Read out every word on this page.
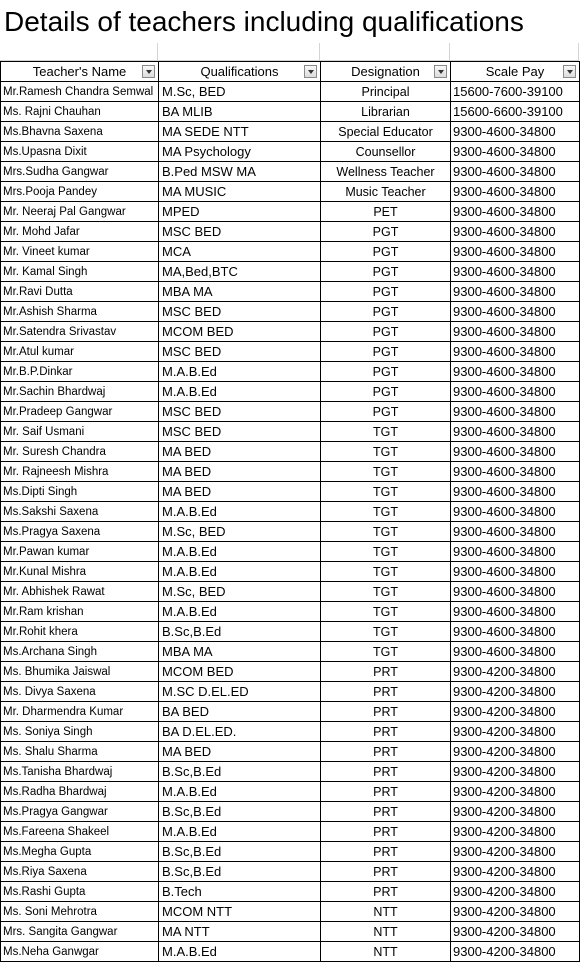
Details of teachers including qualifications
Teacher's Name	Qualifications	Designation	Scale Pay

Mr.Ramesh Chandra Semwal	M.Sc, BED	Principal	15600-7600-39100
Ms. Rajni Chauhan	BA MLIB	Librarian	15600-6600-39100
Ms.Bhavna Saxena	MA SEDE NTT	Special Educator	9300-4600-34800
Ms.Upasna Dixit	MA Psychology	Counsellor	9300-4600-34800
Mrs.Sudha Gangwar	B.Ped MSW MA	Wellness Teacher	9300-4600-34800
Mrs.Pooja Pandey	MA MUSIC	Music Teacher	9300-4600-34800
Mr. Neeraj Pal Gangwar	MPED	PET	9300-4600-34800
Mr. Mohd Jafar	MSC BED	PGT	9300-4600-34800
Mr. Vineet kumar	MCA	PGT	9300-4600-34800
Mr. Kamal Singh	MA,Bed,BTC	PGT	9300-4600-34800
Mr.Ravi Dutta	MBA MA	PGT	9300-4600-34800
Mr.Ashish Sharma	MSC BED	PGT	9300-4600-34800
Mr.Satendra Srivastav	MCOM BED	PGT	9300-4600-34800
Mr.Atul kumar	MSC BED	PGT	9300-4600-34800
Mr.B.P.Dinkar	M.A.B.Ed	PGT	9300-4600-34800
Mr.Sachin Bhardwaj	M.A.B.Ed	PGT	9300-4600-34800
Mr.Pradeep Gangwar	MSC BED	PGT	9300-4600-34800
Mr. Saif Usmani	MSC BED	TGT	9300-4600-34800
Mr. Suresh Chandra	MA BED	TGT	9300-4600-34800
Mr. Rajneesh Mishra	MA BED	TGT	9300-4600-34800
Ms.Dipti Singh	MA BED	TGT	9300-4600-34800
Ms.Sakshi Saxena	M.A.B.Ed	TGT	9300-4600-34800
Ms.Pragya Saxena	M.Sc, BED	TGT	9300-4600-34800
Mr.Pawan kumar	M.A.B.Ed	TGT	9300-4600-34800
Mr.Kunal Mishra	M.A.B.Ed	TGT	9300-4600-34800
Mr. Abhishek Rawat	M.Sc, BED	TGT	9300-4600-34800
Mr.Ram krishan	M.A.B.Ed	TGT	9300-4600-34800
Mr.Rohit khera	B.Sc,B.Ed	TGT	9300-4600-34800
Ms.Archana Singh	MBA MA	TGT	9300-4600-34800
Ms. Bhumika Jaiswal	MCOM BED	PRT	9300-4200-34800
Ms. Divya Saxena	M.SC D.EL.ED	PRT	9300-4200-34800
Mr. Dharmendra Kumar	BA BED	PRT	9300-4200-34800
Ms. Soniya Singh	BA D.EL.ED.	PRT	9300-4200-34800
Ms. Shalu Sharma	MA BED	PRT	9300-4200-34800
Ms.Tanisha Bhardwaj	B.Sc,B.Ed	PRT	9300-4200-34800
Ms.Radha Bhardwaj	M.A.B.Ed	PRT	9300-4200-34800
Ms.Pragya Gangwar	B.Sc,B.Ed	PRT	9300-4200-34800
Ms.Fareena Shakeel	M.A.B.Ed	PRT	9300-4200-34800
Ms.Megha Gupta	B.Sc,B.Ed	PRT	9300-4200-34800
Ms.Riya Saxena	B.Sc,B.Ed	PRT	9300-4200-34800
Ms.Rashi Gupta	B.Tech	PRT	9300-4200-34800
Ms. Soni Mehrotra	MCOM NTT	NTT	9300-4200-34800
Mrs. Sangita Gangwar	MA NTT	NTT	9300-4200-34800
Ms.Neha Ganwgar	M.A.B.Ed	NTT	9300-4200-34800
